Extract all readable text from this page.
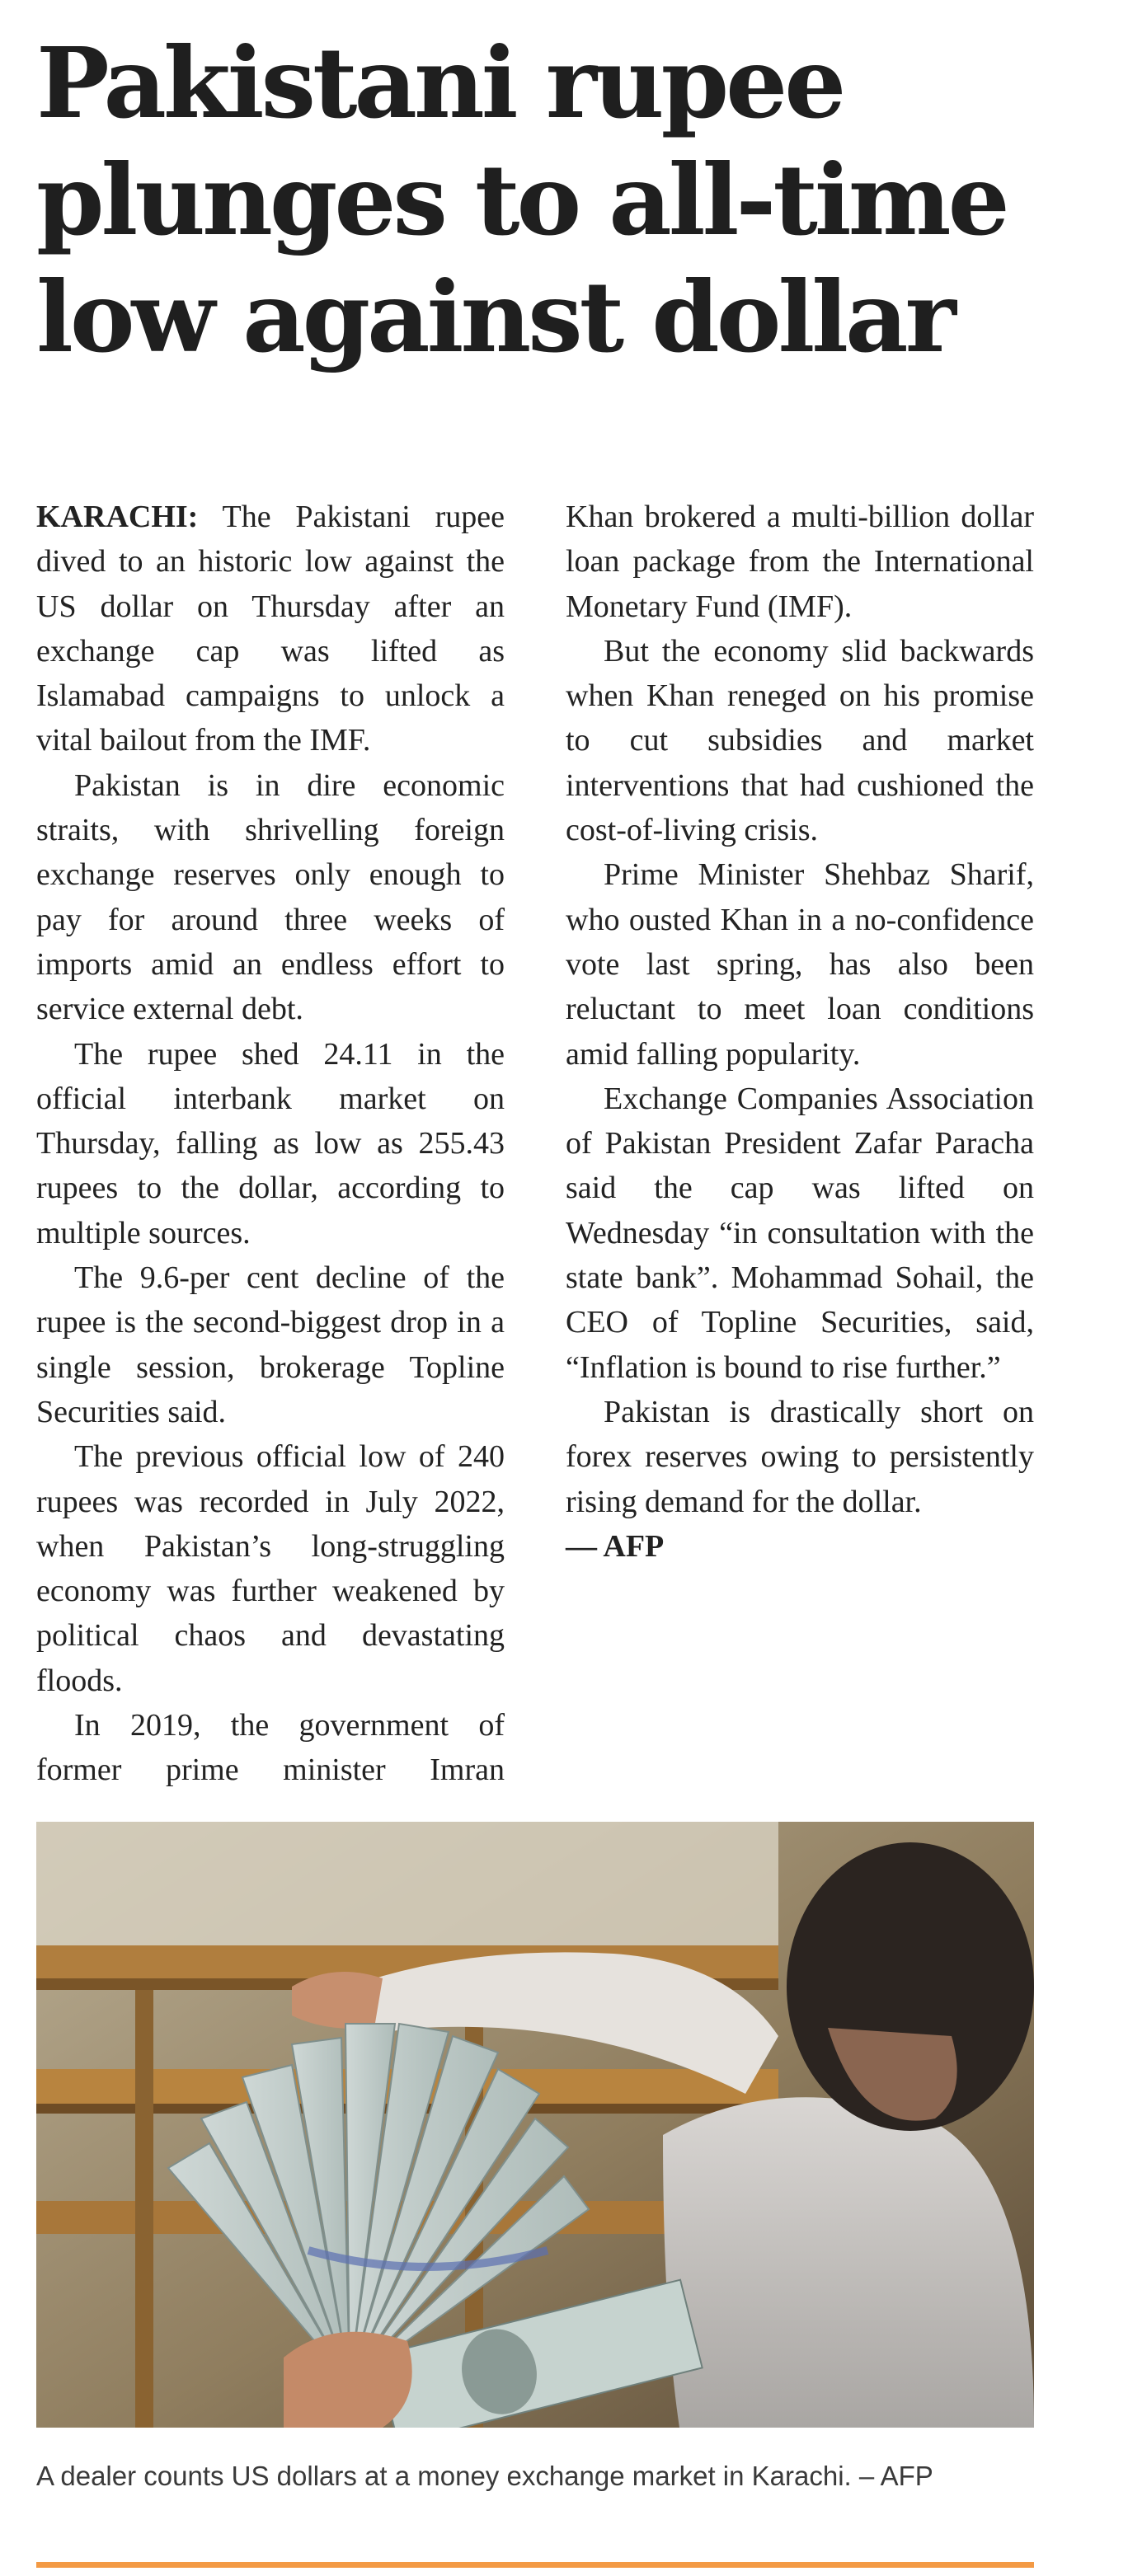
Pakistani rupee
plunges to all-time
low against dollar

KARACHI: The Pakistani rupee dived to an historic low against the US dollar on Thursday after an exchange cap was lifted as Islamabad campaigns to unlock a vital bailout from the IMF.

Pakistan is in dire economic straits, with shrivelling foreign exchange reserves only enough to pay for around three weeks of imports amid an endless effort to service external debt.

The rupee shed 24.11 in the official interbank market on Thursday, falling as low as 255.43 rupees to the dollar, according to multiple sources.

The 9.6-per cent decline of the rupee is the second-biggest drop in a single session, brokerage Topline Securities said.

The previous official low of 240 rupees was recorded in July 2022, when Pakistan’s long-struggling economy was further weakened by political chaos and devastating floods.

In 2019, the government of former prime minister Imran

Khan brokered a multi-billion dollar loan package from the International Monetary Fund (IMF).

But the economy slid backwards when Khan reneged on his promise to cut subsidies and market interventions that had cushioned the cost-of-living crisis.

Prime Minister Shehbaz Sharif, who ousted Khan in a no-confidence vote last spring, has also been reluctant to meet loan conditions amid falling popularity.

Exchange Companies Association of Pakistan President Zafar Paracha said the cap was lifted on Wednesday “in consultation with the state bank”. Mohammad Sohail, the CEO of Topline Securities, said, “Inflation is bound to rise further.”

Pakistan is drastically short on forex reserves owing to persistently rising demand for the dollar.

— AFP

A dealer counts US dollars at a money exchange market in Karachi. – AFP
